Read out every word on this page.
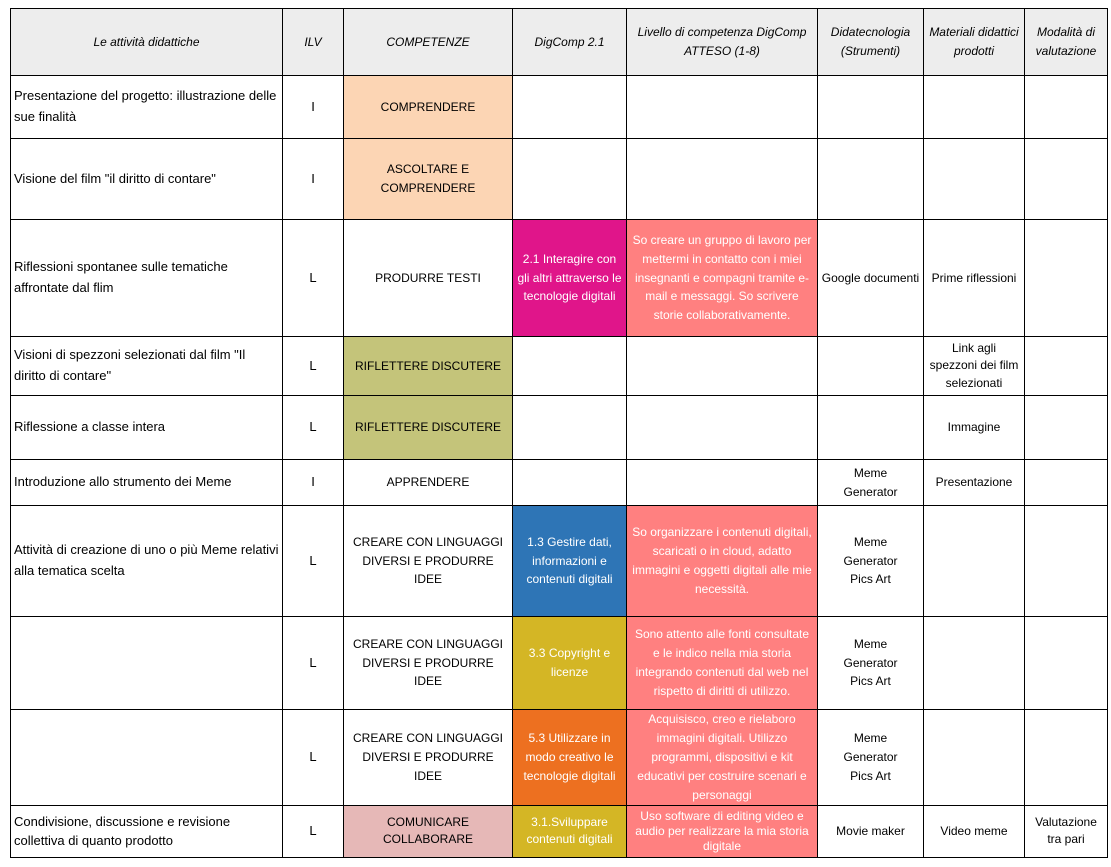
Le attività didattiche	ILV	COMPETENZE	DigComp 2.1	Livello di competenza DigComp ATTESO (1-8)	Didatecnologia (Strumenti)	Materiali didattici prodotti	Modalità di valutazione
Presentazione del progetto: illustrazione delle sue finalità	I	COMPRENDERE					
Visione del film "il diritto di contare"	I	ASCOLTARE E COMPRENDERE					
Riflessioni spontanee sulle tematiche affrontate dal flim	L	PRODURRE TESTI	2.1 Interagire con gli altri attraverso le tecnologie digitali	So creare un gruppo di lavoro per mettermi in contatto con i miei insegnanti e compagni tramite e-mail e messaggi. So scrivere storie collaborativamente.	Google documenti	Prime riflessioni	
Visioni di spezzoni selezionati dal film "Il diritto di contare"	L	RIFLETTERE DISCUTERE				Link agli spezzoni dei film selezionati	
Riflessione a classe intera	L	RIFLETTERE DISCUTERE				Immagine	
Introduzione allo strumento dei Meme	I	APPRENDERE			Meme Generator	Presentazione	
Attività di creazione di uno o più Meme relativi alla tematica scelta	L	CREARE CON LINGUAGGI DIVERSI E PRODURRE IDEE	1.3 Gestire dati, informazioni e contenuti digitali	So organizzare i contenuti digitali, scaricati o in cloud, adatto immagini e oggetti digitali alle mie necessità.	Meme Generator Pics Art		
	L	CREARE CON LINGUAGGI DIVERSI E PRODURRE IDEE	3.3 Copyright e licenze	Sono attento alle fonti consultate e le indico nella mia storia integrando contenuti dal web nel rispetto di diritti di utilizzo.	Meme Generator Pics Art		
	L	CREARE CON LINGUAGGI DIVERSI E PRODURRE IDEE	5.3 Utilizzare in modo creativo le tecnologie digitali	Acquisisco, creo e rielaboro immagini digitali. Utilizzo programmi, dispositivi e kit educativi per costruire scenari e personaggi	Meme Generator Pics Art		
Condivisione, discussione e revisione collettiva di quanto prodotto	L	COMUNICARE COLLABORARE	3.1.Sviluppare contenuti digitali	Uso software di editing video e audio per realizzare la mia storia digitale	Movie maker	Video meme	Valutazione tra pari
